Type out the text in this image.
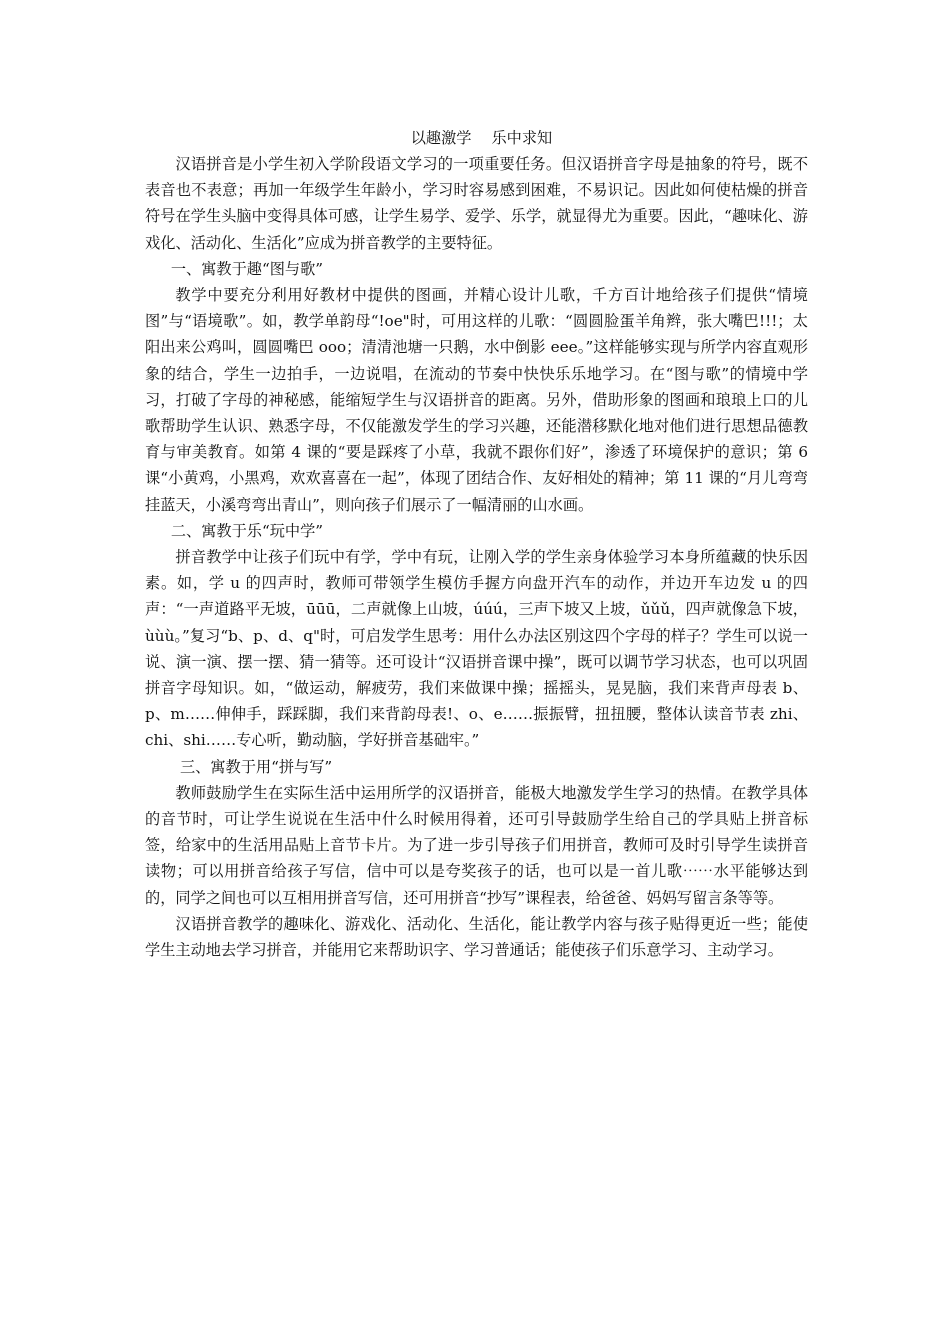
以趣激学　 乐中求知

汉语拼音是小学生初入学阶段语文学习的一项重要任务。但汉语拼音字母是抽象的符号，既不表音也不表意；再加一年级学生年龄小，学习时容易感到困难，不易识记。因此如何使枯燥的拼音符号在学生头脑中变得具体可感，让学生易学、爱学、乐学，就显得尤为重要。因此，“趣味化、游戏化、活动化、生活化”应成为拼音教学的主要特征。

一、寓教于趣“图与歌”

教学中要充分利用好教材中提供的图画，并精心设计儿歌，千方百计地给孩子们提供“情境图”与“语境歌”。如，教学单韵母“!oe"时，可用这样的儿歌：“圆圆脸蛋羊角辫，张大嘴巴!!!；太阳出来公鸡叫，圆圆嘴巴 ooo；清清池塘一只鹅，水中倒影 eee。”这样能够实现与所学内容直观形象的结合，学生一边拍手，一边说唱，在流动的节奏中快快乐乐地学习。在“图与歌”的情境中学习，打破了字母的神秘感，能缩短学生与汉语拼音的距离。另外，借助形象的图画和琅琅上口的儿歌帮助学生认识、熟悉字母，不仅能激发学生的学习兴趣，还能潜移默化地对他们进行思想品德教育与审美教育。如第 4 课的“要是踩疼了小草，我就不跟你们好”，渗透了环境保护的意识；第 6 课“小黄鸡，小黑鸡，欢欢喜喜在一起”，体现了团结合作、友好相处的精神；第 11 课的“月儿弯弯挂蓝天，小溪弯弯出青山”，则向孩子们展示了一幅清丽的山水画。

二、寓教于乐“玩中学”

拼音教学中让孩子们玩中有学，学中有玩，让刚入学的学生亲身体验学习本身所蕴藏的快乐因素。如，学 u 的四声时，教师可带领学生模仿手握方向盘开汽车的动作，并边开车边发 u 的四声：“一声道路平无坡，ūūū，二声就像上山坡，úúú，三声下坡又上坡，ǔǔǔ，四声就像急下坡，ùùù。”复习“b、p、d、q"时，可启发学生思考：用什么办法区别这四个字母的样子？学生可以说一说、演一演、摆一摆、猜一猜等。还可设计“汉语拼音课中操”，既可以调节学习状态，也可以巩固拼音字母知识。如，“做运动，解疲劳，我们来做课中操；摇摇头，晃晃脑，我们来背声母表 b、p、m……伸伸手，踩踩脚，我们来背韵母表!、o、e……振振臂，扭扭腰，整体认读音节表 zhi、chi、shi……专心听，勤动脑，学好拼音基础牢。”

三、寓教于用“拼与写”

教师鼓励学生在实际生活中运用所学的汉语拼音，能极大地激发学生学习的热情。在教学具体的音节时，可让学生说说在生活中什么时候用得着，还可引导鼓励学生给自己的学具贴上拼音标签，给家中的生活用品贴上音节卡片。为了进一步引导孩子们用拼音，教师可及时引导学生读拼音读物；可以用拼音给孩子写信，信中可以是夸奖孩子的话，也可以是一首儿歌⋯⋯水平能够达到的，同学之间也可以互相用拼音写信，还可用拼音“抄写”课程表，给爸爸、妈妈写留言条等等。

汉语拼音教学的趣味化、游戏化、活动化、生活化，能让教学内容与孩子贴得更近一些；能使学生主动地去学习拼音，并能用它来帮助识字、学习普通话；能使孩子们乐意学习、主动学习。
